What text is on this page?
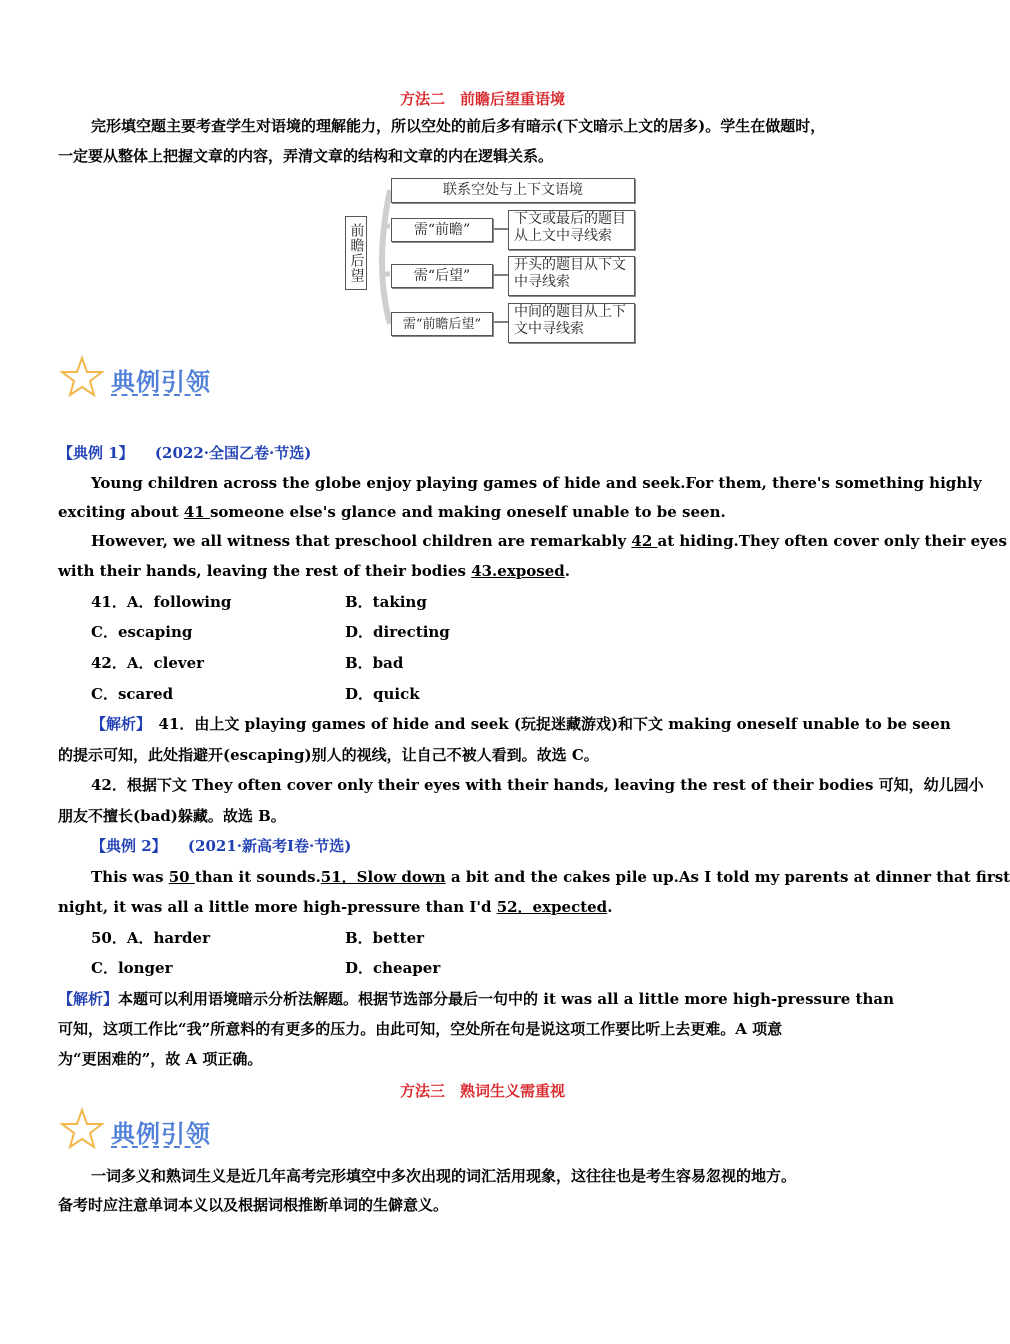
方法二　前瞻后望重语境
完形填空题主要考查学生对语境的理解能力，所以空处的前后多有暗示(下文暗示上文的居多)。学生在做题时，
一定要从整体上把握文章的内容，弄清文章的结构和文章的内在逻辑关系。
联系空处与上下文语境
前瞻后望	需“前瞻”
下文或最后的题目
从上文中寻线索
需“后望”
开头的题目从下文
中寻线索
需“前瞻后望”
中间的题目从上下
文中寻线索
典例引领
【典例 1】 (2022·全国乙卷·节选)
Young children across the globe enjoy playing games of hide and seek.For them, there's something highly
exciting about 41 someone else's glance and making oneself unable to be seen.
However, we all witness that preschool children are remarkably 42 at hiding.They often cover only their eyes
with their hands, leaving the rest of their bodies 43.exposed.
41．A．following	B．taking
C．escaping	D．directing
42．A．clever	B．bad
C．scared	D．quick
【解析】　41．由上文 playing games of hide and seek (玩捉迷藏游戏)和下文 making oneself unable to be seen
的提示可知，此处指避开(escaping)别人的视线，让自己不被人看到。故选 C。
42．根据下文 They often cover only their eyes with their hands, leaving the rest of their bodies 可知，幼儿园小
朋友不擅长(bad)躲藏。故选 B。
【典例 2】 (2021·新高考Ⅰ卷·节选)
This was 50 than it sounds.51．Slow down a bit and the cakes pile up.As I told my parents at dinner that first
night, it was all a little more high-pressure than I'd 52．expected.
50．A．harder	B．better
C．longer	D．cheaper
【解析】本题可以利用语境暗示分析法解题。根据节选部分最后一句中的 it was all a little more high-pressure than
可知，这项工作比“我”所意料的有更多的压力。由此可知，空处所在句是说这项工作要比听上去更难。A 项意
为“更困难的”，故 A 项正确。
方法三　熟词生义需重视
典例引领
一词多义和熟词生义是近几年高考完形填空中多次出现的词汇活用现象，这往往也是考生容易忽视的地方。
备考时应注意单词本义以及根据词根推断单词的生僻意义。
